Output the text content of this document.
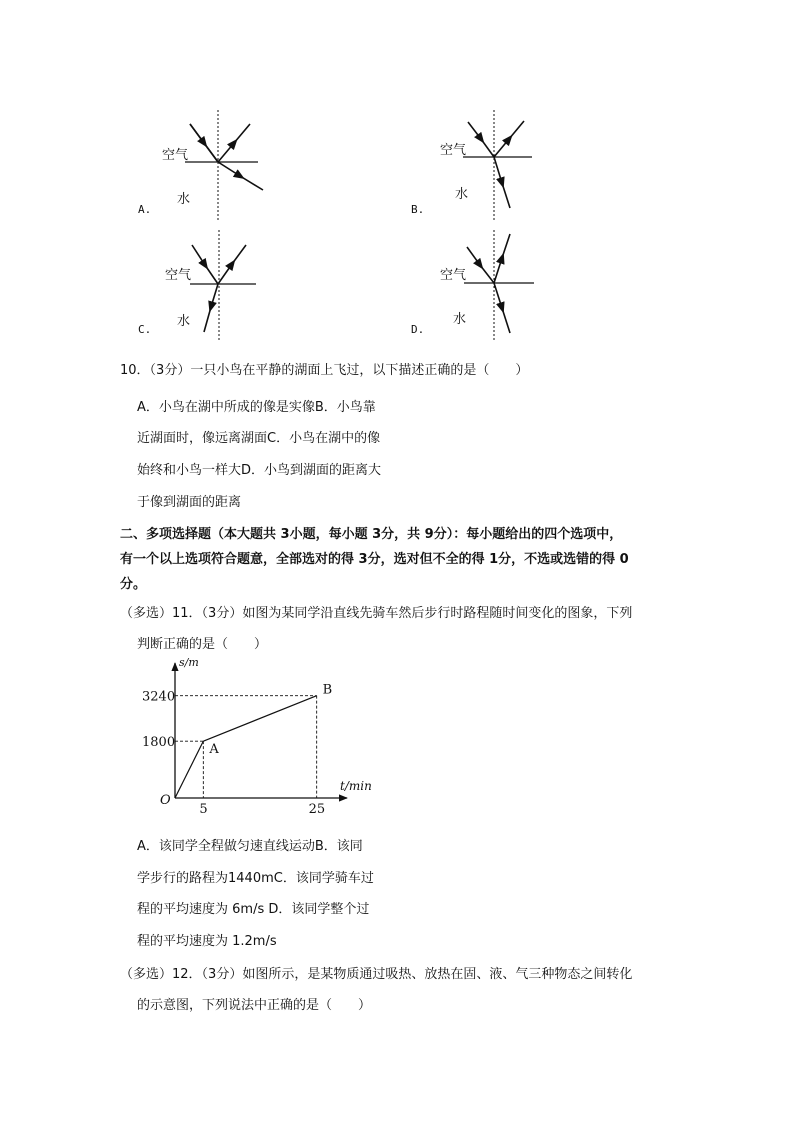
空气
水
A.
空气
水
B.
空气
水
C.
空气
水
D.
10．（3分）一只小鸟在平静的湖面上飞过，以下描述正确的是（　　）
A．小鸟在湖中所成的像是实像B．小鸟靠
近湖面时，像远离湖面C．小鸟在湖中的像
始终和小鸟一样大D．小鸟到湖面的距离大
于像到湖面的距离
二、多项选择题（本大题共 3小题，每小题 3分，共 9分）：每小题给出的四个选项中，
有一个以上选项符合题意，全部选对的得 3分，选对但不全的得 1分，不选或选错的得 0
分。
（多选）11．（3分）如图为某同学沿直线先骑车然后步行时路程随时间变化的图象，下列
判断正确的是（　　）
s/m
t/min
O
5	25
1800
3240
A
B
A．该同学全程做匀速直线运动B．该同
学步行的路程为1440mC．该同学骑车过
程的平均速度为 6m/s D．该同学整个过
程的平均速度为 1.2m/s
（多选）12．（3分）如图所示，是某物质通过吸热、放热在固、液、气三种物态之间转化
的示意图，下列说法中正确的是（　　）
